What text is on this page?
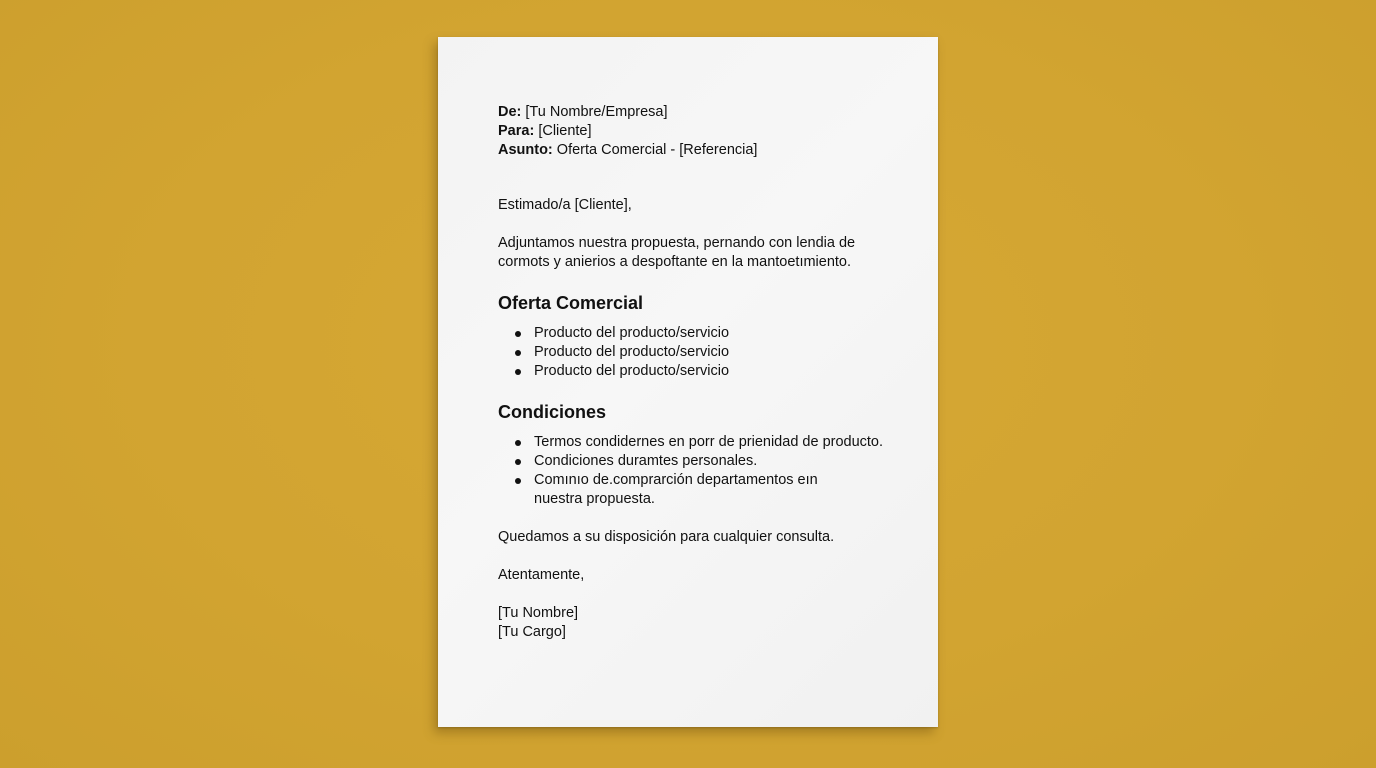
De: [Tu Nombre/Empresa]
Para: [Cliente]
Asunto: Oferta Comercial - [Referencia]
Estimado/a [Cliente],
Adjuntamos nuestra propuesta, pernando con lendia de
cormots y anierios a despoftante en la mantoetımiento.
Oferta Comercial
Producto del producto/servicio
Producto del producto/servicio
Producto del producto/servicio
Condiciones
Termos condidernes en porr de prienidad de producto.
Condiciones duramtes personales.
Comınıo de.comprarción departamentos eın nuestra propuesta.
Quedamos a su disposición para cualquier consulta.
Atentamente,
[Tu Nombre]
[Tu Cargo]
